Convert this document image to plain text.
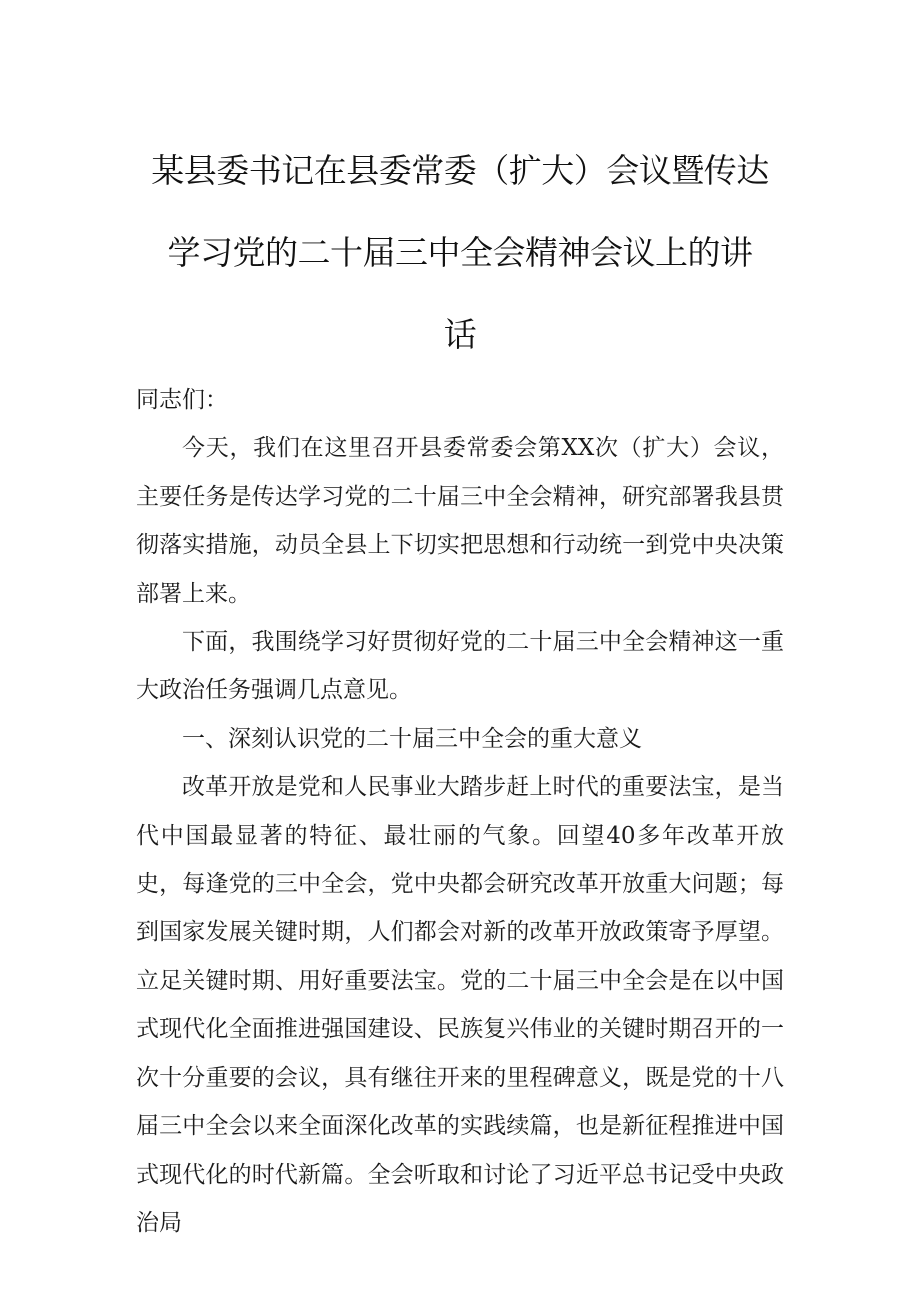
某县委书记在县委常委（扩大）会议暨传达
学习党的二十届三中全会精神会议上的讲
话

同志们：

今天，我们在这里召开县委常委会第XX次（扩大）会议，主要任务是传达学习党的二十届三中全会精神，研究部署我县贯彻落实措施，动员全县上下切实把思想和行动统一到党中央决策部署上来。

下面，我围绕学习好贯彻好党的二十届三中全会精神这一重大政治任务强调几点意见。

一、深刻认识党的二十届三中全会的重大意义

改革开放是党和人民事业大踏步赶上时代的重要法宝，是当代中国最显著的特征、最壮丽的气象。回望40多年改革开放史，每逢党的三中全会，党中央都会研究改革开放重大问题；每到国家发展关键时期，人们都会对新的改革开放政策寄予厚望。立足关键时期、用好重要法宝。党的二十届三中全会是在以中国式现代化全面推进强国建设、民族复兴伟业的关键时期召开的一次十分重要的会议，具有继往开来的里程碑意义，既是党的十八届三中全会以来全面深化改革的实践续篇，也是新征程推进中国式现代化的时代新篇。全会听取和讨论了习近平总书记受中央政治局
